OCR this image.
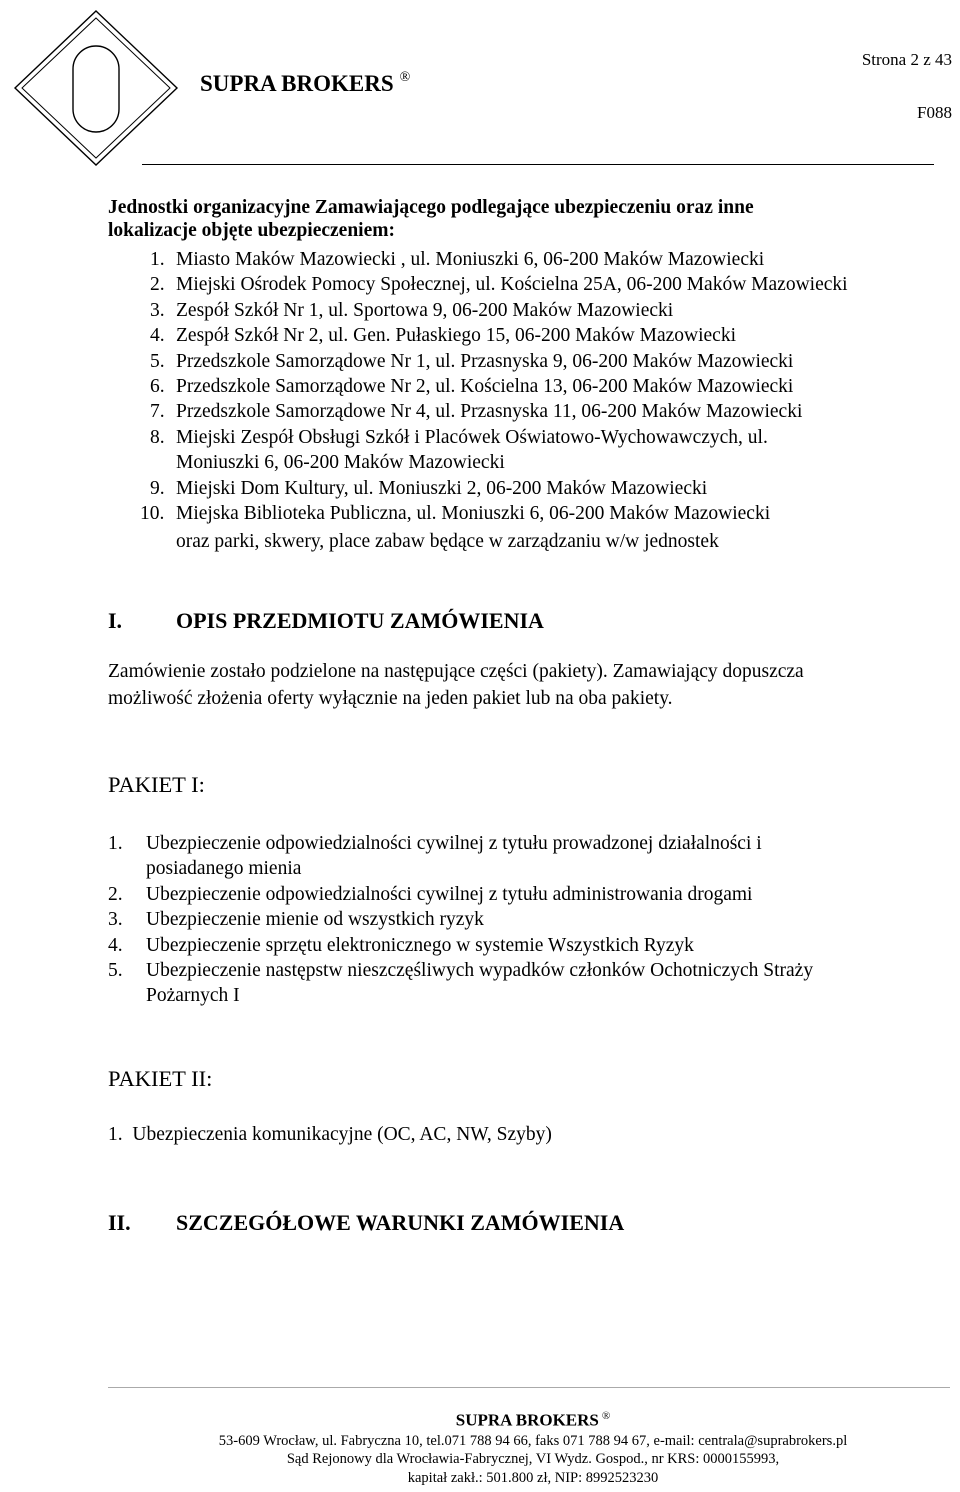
SUPRA BROKERS ®
Strona 2 z 43
F088
Jednostki organizacyjne Zamawiającego podlegające ubezpieczeniu oraz inne
lokalizacje objęte ubezpieczeniem:
1. Miasto Maków Mazowiecki , ul. Moniuszki 6, 06-200 Maków Mazowiecki
2. Miejski Ośrodek Pomocy Społecznej, ul. Kościelna 25A, 06-200 Maków Mazowiecki
3. Zespół Szkół Nr 1, ul. Sportowa 9, 06-200 Maków Mazowiecki
4. Zespół Szkół Nr 2, ul. Gen. Pułaskiego 15, 06-200 Maków Mazowiecki
5. Przedszkole Samorządowe Nr 1, ul. Przasnyska 9, 06-200 Maków Mazowiecki
6. Przedszkole Samorządowe Nr 2, ul. Kościelna 13, 06-200 Maków Mazowiecki
7. Przedszkole Samorządowe Nr 4, ul. Przasnyska 11, 06-200 Maków Mazowiecki
8. Miejski Zespół Obsługi Szkół i Placówek Oświatowo-Wychowawczych, ul.
Moniuszki 6, 06-200 Maków Mazowiecki
9. Miejski Dom Kultury, ul. Moniuszki 2, 06-200 Maków Mazowiecki
10. Miejska Biblioteka Publiczna, ul. Moniuszki 6, 06-200 Maków Mazowiecki
oraz parki, skwery, place zabaw będące w zarządzaniu w/w jednostek
I. OPIS PRZEDMIOTU ZAMÓWIENIA
Zamówienie zostało podzielone na następujące części (pakiety). Zamawiający dopuszcza
możliwość złożenia oferty wyłącznie na jeden pakiet lub na oba pakiety.
PAKIET I:
1. Ubezpieczenie odpowiedzialności cywilnej z tytułu prowadzonej działalności i
posiadanego mienia
2. Ubezpieczenie odpowiedzialności cywilnej z tytułu administrowania drogami
3. Ubezpieczenie mienie od wszystkich ryzyk
4. Ubezpieczenie sprzętu elektronicznego w systemie Wszystkich Ryzyk
5. Ubezpieczenie następstw nieszczęśliwych wypadków członków Ochotniczych Straży
Pożarnych I
PAKIET II:
1.  Ubezpieczenia komunikacyjne (OC, AC, NW, Szyby)
II. SZCZEGÓŁOWE WARUNKI ZAMÓWIENIA
SUPRA BROKERS ®
53-609 Wrocław, ul. Fabryczna 10, tel.071 788 94 66, faks 071 788 94 67, e-mail: centrala@suprabrokers.pl
Sąd Rejonowy dla Wrocławia-Fabrycznej, VI Wydz. Gospod., nr KRS: 0000155993,
kapitał zakł.: 501.800 zł, NIP: 8992523230
